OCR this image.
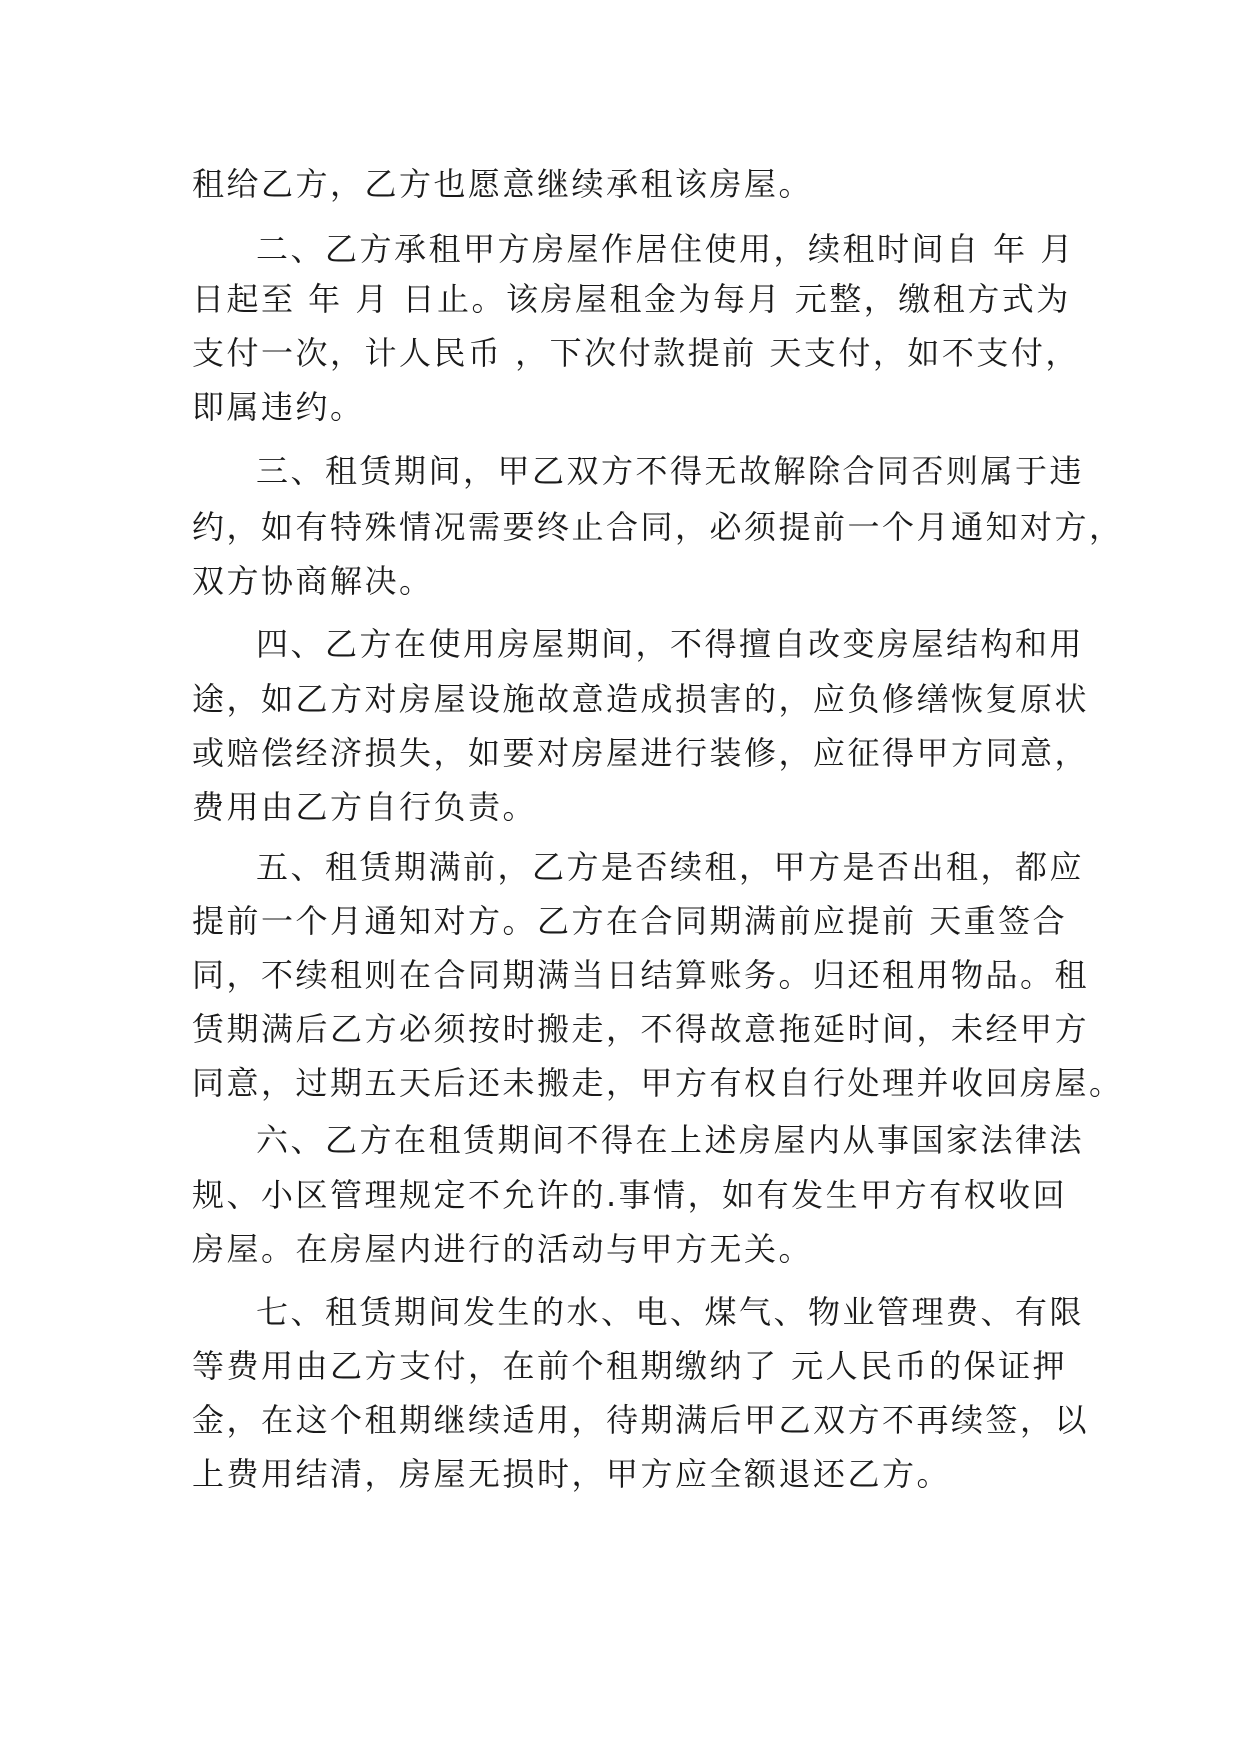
租给乙方，乙方也愿意继续承租该房屋。
二、乙方承租甲方房屋作居住使用，续租时间自 年 月
日起至 年 月 日止。该房屋租金为每月 元整，缴租方式为
支付一次，计人民币 ，下次付款提前 天支付，如不支付，
即属违约。
三、租赁期间，甲乙双方不得无故解除合同否则属于违
约，如有特殊情况需要终止合同，必须提前一个月通知对方，
双方协商解决。
四、乙方在使用房屋期间，不得擅自改变房屋结构和用
途，如乙方对房屋设施故意造成损害的，应负修缮恢复原状
或赔偿经济损失，如要对房屋进行装修，应征得甲方同意，
费用由乙方自行负责。
五、租赁期满前，乙方是否续租，甲方是否出租，都应
提前一个月通知对方。乙方在合同期满前应提前 天重签合
同，不续租则在合同期满当日结算账务。归还租用物品。租
赁期满后乙方必须按时搬走，不得故意拖延时间，未经甲方
同意，过期五天后还未搬走，甲方有权自行处理并收回房屋。
六、乙方在租赁期间不得在上述房屋内从事国家法律法
规、小区管理规定不允许的.事情，如有发生甲方有权收回
房屋。在房屋内进行的活动与甲方无关。
七、租赁期间发生的水、电、煤气、物业管理费、有限
等费用由乙方支付，在前个租期缴纳了 元人民币的保证押
金，在这个租期继续适用，待期满后甲乙双方不再续签，以
上费用结清，房屋无损时，甲方应全额退还乙方。
